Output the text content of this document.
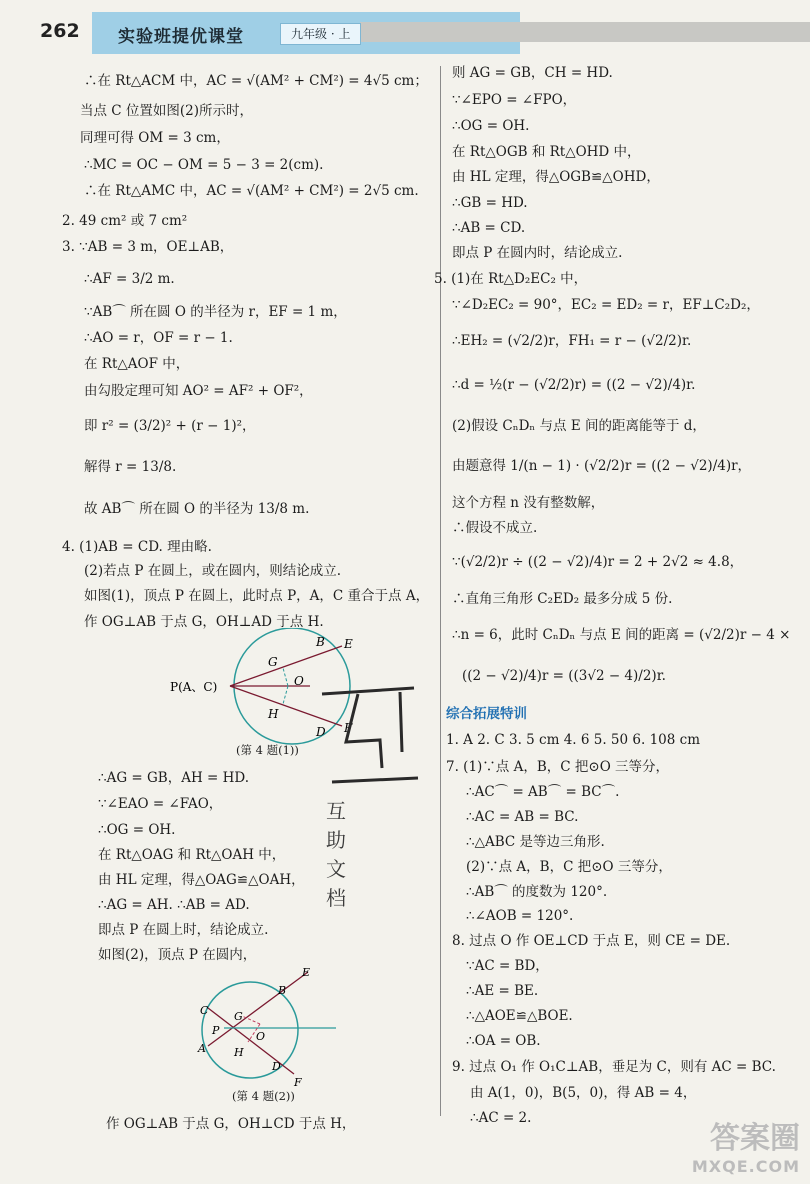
262 实验班提优课堂	九年级 · 上
∴在 Rt△ACM 中，AC = √(AM² + CM²) = 4√5 cm；
当点 C 位置如图(2)所示时，
同理可得 OM = 3 cm，
∴MC = OC − OM = 5 − 3 = 2(cm).
∴在 Rt△AMC 中，AC = √(AM² + CM²) = 2√5 cm.
2. 49 cm² 或 7 cm²
3. ∵AB = 3 m，OE⊥AB，
∴AF = 3/2 m.
∵AB⌒ 所在圆 O 的半径为 r，EF = 1 m，
∴AO = r，OF = r − 1.
在 Rt△AOF 中，
由勾股定理可知 AO² = AF² + OF²，
即 r² = (3/2)² + (r − 1)²，
解得 r = 13/8.
故 AB⌒ 所在圆 O 的半径为 13/8 m.
4. (1)AB = CD. 理由略.
(2)若点 P 在圆上，或在圆内，则结论成立.
如图(1)，顶点 P 在圆上，此时点 P，A，C 重合于点 A，
作 OG⊥AB 于点 G，OH⊥AD 于点 H.
P(A、C)
B E
G
O
H
D F
(第 4 题(1))
互助文档
∴AG = GB，AH = HD.
∵∠EAO = ∠FAO，
∴OG = OH.
在 Rt△OAG 和 Rt△OAH 中，
由 HL 定理，得△OAG≌△OAH，
∴AG = AH. ∴AB = AD.
即点 P 在圆上时，结论成立.
如图(2)，顶点 P 在圆内，
E
B
C G
P
A
O
H
D
F
(第 4 题(2))
作 OG⊥AB 于点 G，OH⊥CD 于点 H，
则 AG = GB，CH = HD.
∵∠EPO = ∠FPO，
∴OG = OH.
在 Rt△OGB 和 Rt△OHD 中，
由 HL 定理，得△OGB≌△OHD，
∴GB = HD.
∴AB = CD.
即点 P 在圆内时，结论成立.
5. (1)在 Rt△D₂EC₂ 中，
∵∠D₂EC₂ = 90°，EC₂ = ED₂ = r，EF⊥C₂D₂，
∴EH₂ = (√2/2)r，FH₁ = r − (√2/2)r.
∴d = ½(r − (√2/2)r) = ((2 − √2)/4)r.
(2)假设 CₙDₙ 与点 E 间的距离能等于 d，
由题意得 1/(n − 1) · (√2/2)r = ((2 − √2)/4)r，
这个方程 n 没有整数解，
∴假设不成立.
∵(√2/2)r ÷ ((2 − √2)/4)r = 2 + 2√2 ≈ 4.8，
∴直角三角形 C₂ED₂ 最多分成 5 份.
∴n = 6，此时 CₙDₙ 与点 E 间的距离 = (√2/2)r − 4 ×
((2 − √2)/4)r = ((3√2 − 4)/2)r.
综合拓展特训
1. A 2. C 3. 5 cm 4. 6 5. 50 6. 108 cm
7. (1)∵点 A，B，C 把⊙O 三等分，
∴AC⌒ = AB⌒ = BC⌒.
∴AC = AB = BC.
∴△ABC 是等边三角形.
(2)∵点 A，B，C 把⊙O 三等分，
∴AB⌒ 的度数为 120°.
∴∠AOB = 120°.
8. 过点 O 作 OE⊥CD 于点 E，则 CE = DE.
∵AC = BD，
∴AE = BE.
∴△AOE≌△BOE.
∴OA = OB.
9. 过点 O₁ 作 O₁C⊥AB，垂足为 C，则有 AC = BC.
由 A(1，0)，B(5，0)，得 AB = 4，
∴AC = 2.
答案圈
MXQE.COM
